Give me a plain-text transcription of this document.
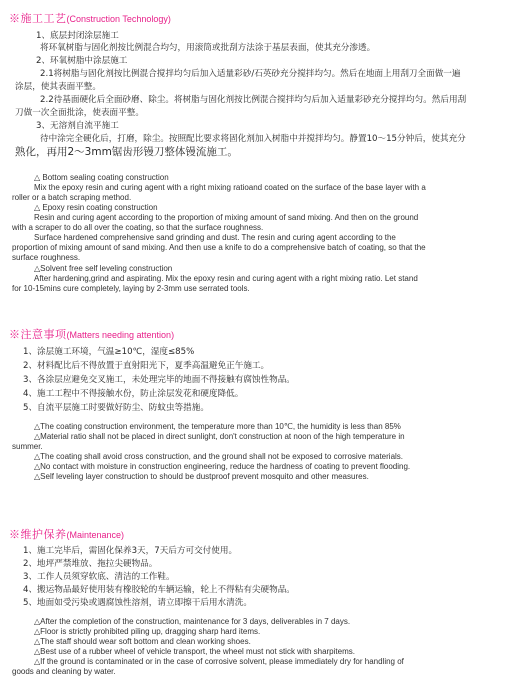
※施工工艺(Construction Technology)
1、底层封闭涂层施工
将环氧树脂与固化剂按比例混合均匀，用滚筒或批刮方法涂于基层表面，使其充分渗透。
2、环氧树脂中涂层施工
2.1将树脂与固化剂按比例混合搅拌均匀后加入适量彩砂/石英砂充分搅拌均匀。然后在地面上用刮刀全面做一遍
涂层，使其表面平整。
2.2待基面硬化后全面砂磨、除尘。将树脂与固化剂按比例混合搅拌均匀后加入适量彩砂充分搅拌均匀。然后用刮
刀做一次全面批涂，使表面平整。
3、无溶剂自流平施工
待中涂完全硬化后，打磨，除尘。按照配比要求将固化剂加入树脂中并搅拌均匀。静置10～15分钟后，使其充分
熟化，再用2～3mm锯齿形镘刀整体镘流施工。
△ Bottom sealing coating construction
Mix the epoxy resin and curing agent with a right mixing ratioand coated on the surface of the base layer with a
roller or a batch scraping method.
△ Epoxy resin coating construction
Resin and curing agent according to the proportion of mixing amount of sand mixing. And then on the ground
with a scraper to do all over the coating, so that the surface roughness.
Surface hardened comprehensive sand grinding and dust. The resin and curing agent according to the
proportion of mixing amount of sand mixing. And then use a knife to do a comprehensive batch of coating, so that the
surface roughness.
△Solvent free self leveling construction
After hardening,grind and aspirating. Mix the epoxy resin and curing agent with a right mixing ratio. Let stand
for 10-15mins cure completely, laying by 2-3mm use serrated tools.
※注意事项(Matters needing attention)
1、涂层施工环境，气温≥10℃，湿度≤85%
2、材料配比后不得放置于直射阳光下，夏季高温避免正午施工。
3、各涂层应避免交叉施工，未处理完毕的地面不得接触有腐蚀性物品。
4、施工工程中不得接触水份，防止涂层发花和硬度降低。
5、自流平层施工时要做好防尘、防蚊虫等措施。
△The coating construction environment, the temperature more than 10℃, the humidity is less than 85%
△Material ratio shall not be placed in direct sunlight, don't construction at noon of the high temperature in
summer.
△The coating shall avoid cross construction, and the ground shall not be exposed to corrosive materials.
△No contact with moisture in construction engineering, reduce the hardness of coating to prevent flooding.
△Self leveling layer construction to should be dustproof prevent mosquito and other measures.
※维护保养(Maintenance)
1、施工完毕后，需固化保养3天，7天后方可交付使用。
2、地坪严禁堆放、拖拉尖硬物品。
3、工作人员须穿软底、清洁的工作鞋。
4、搬运物品最好使用装有橡胶轮的车辆运输，轮上不得粘有尖硬物品。
5、地面如受污染或遇腐蚀性溶剂，请立即擦干后用水清洗。
△After the completion of the construction, maintenance for 3 days, deliverables in 7 days.
△Floor is strictly prohibited piling up, dragging sharp hard items.
△The staff should wear soft bottom and clean working shoes.
△Best use of a rubber wheel of vehicle transport, the wheel must not stick with sharpitems.
△If the ground is contaminated or in the case of corrosive solvent, please immediately dry for handling of
goods and cleaning by water.
